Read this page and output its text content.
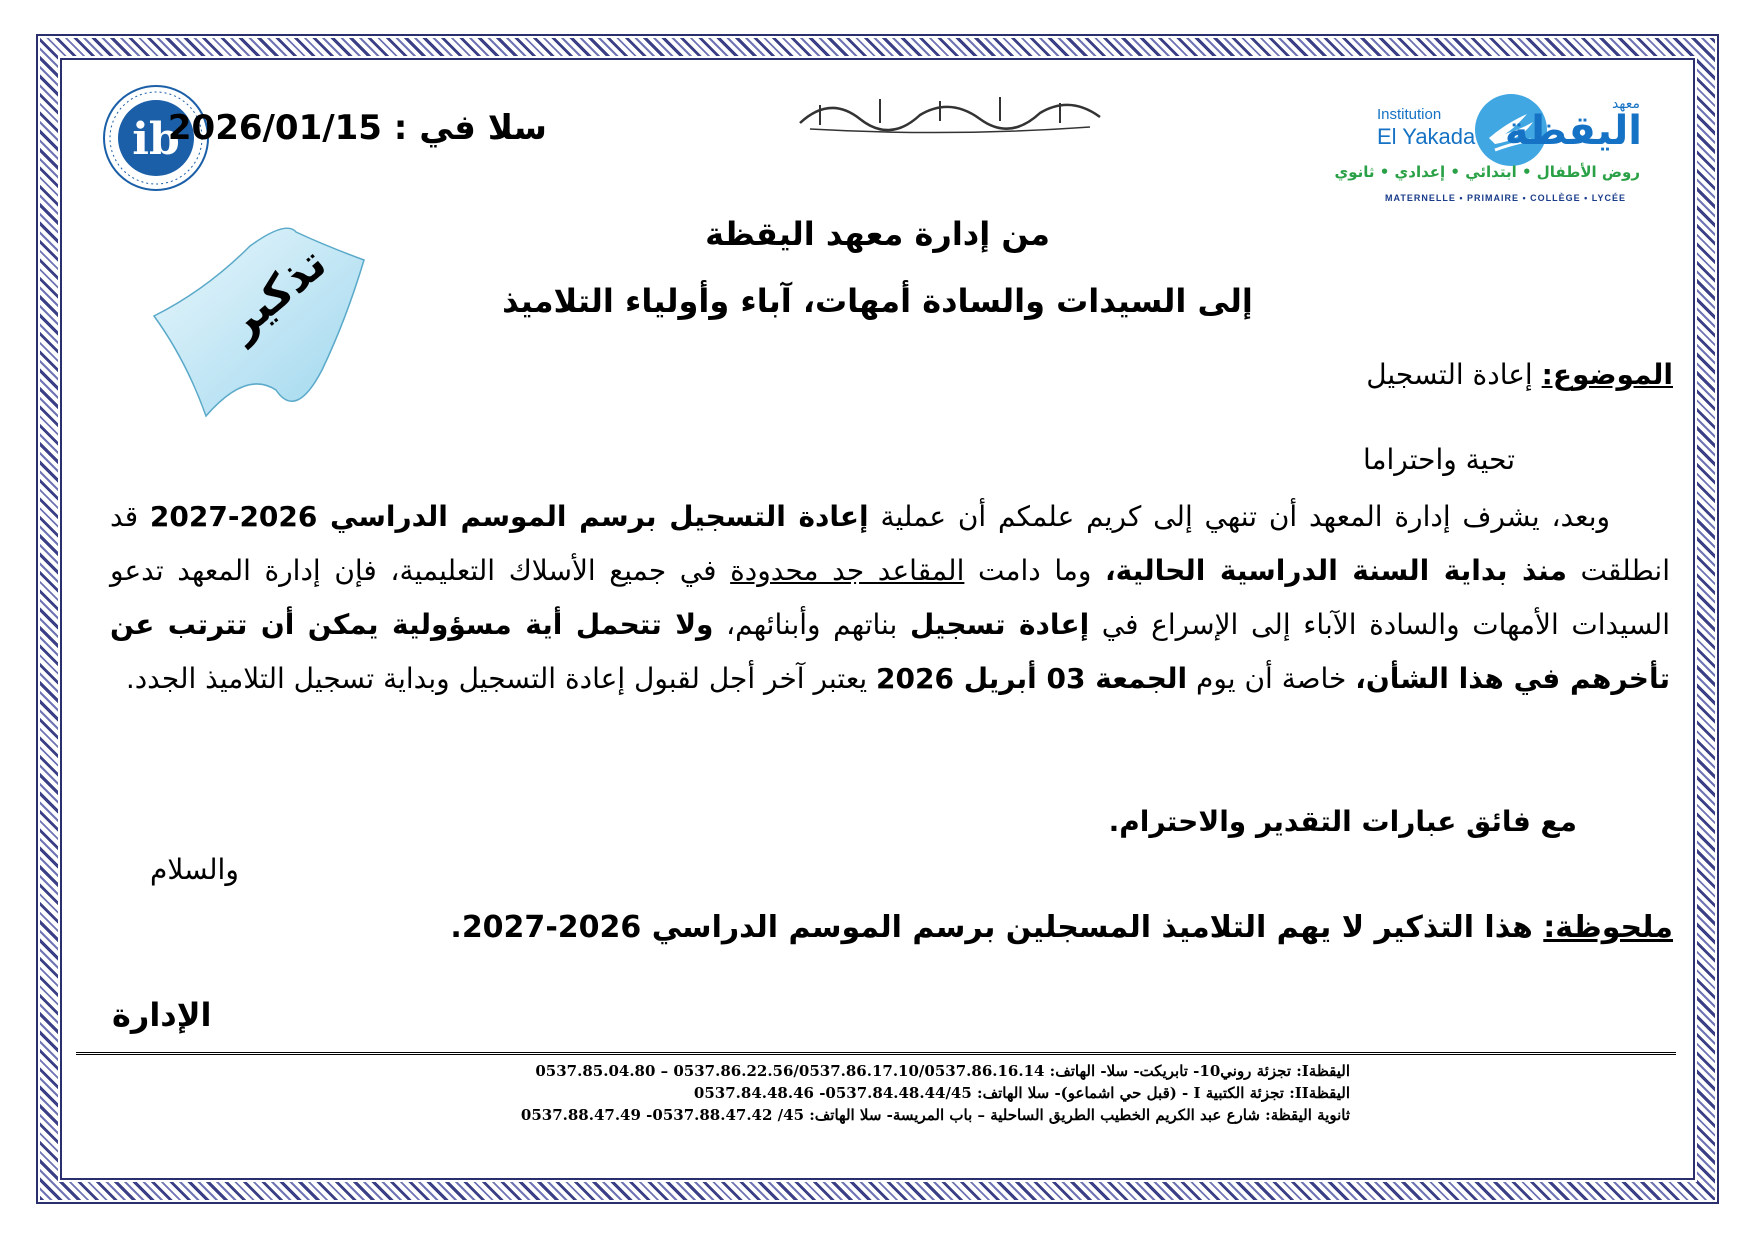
معهد
اليقظة
Institution
El Yakada
روض الأطفال • ابتدائي • إعدادي • ثانوي
MATERNELLE • PRIMAIRE • COLLÈGE • LYCÉE
ib
سلا في : 2026/01/15
من إدارة معهد اليقظة
إلى السيدات والسادة أمهات، آباء وأولياء التلاميذ
تذكير
الموضوع: إعادة التسجيل
تحية واحتراما
وبعد، يشرف إدارة المعهد أن تنهي إلى كريم علمكم أن عملية إعادة التسجيل برسم الموسم الدراسي 2026-2027 قد انطلقت منذ بداية السنة الدراسية الحالية، وما دامت المقاعد جد محدودة في جميع الأسلاك التعليمية، فإن إدارة المعهد تدعو السيدات الأمهات والسادة الآباء إلى الإسراع في إعادة تسجيل بناتهم وأبنائهم، ولا تتحمل أية مسؤولية يمكن أن تترتب عن تأخرهم في هذا الشأن، خاصة أن يوم الجمعة 03 أبريل 2026 يعتبر آخر أجل لقبول إعادة التسجيل وبداية تسجيل التلاميذ الجدد.
مع فائق عبارات التقدير والاحترام.
والسلام
ملحوظة: هذا التذكير لا يهم التلاميذ المسجلين برسم الموسم الدراسي 2026-2027.
الإدارة
اليقظةI: تجزئة روني10- تابريكت- سلا- الهاتف: 0537.86.22.56/0537.86.17.10/0537.86.16.14 – 0537.85.04.80
اليقظةII: تجزئة الكتبية I - (قبل حي اشماعو)- سلا الهاتف: 0537.84.48.44/45- 0537.84.48.46
ثانوية اليقظة: شارع عبد الكريم الخطيب الطريق الساحلية – باب المريسة- سلا الهاتف: 45/ 0537.88.47.42- 0537.88.47.49
